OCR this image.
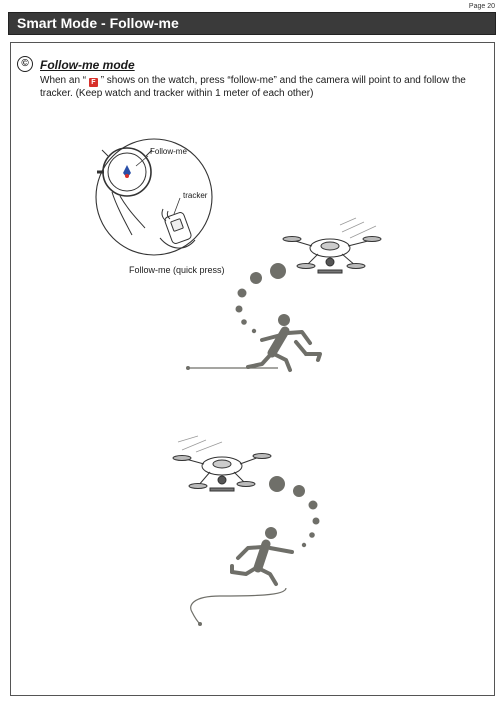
Page 20
Smart Mode - Follow-me
© Follow-me mode
When an “ F ” shows on the watch, press “follow-me” and the camera will point to and follow the tracker. (Keep watch and tracker within 1 meter of each other)
Follow-me
tracker
Follow-me (quick press)
